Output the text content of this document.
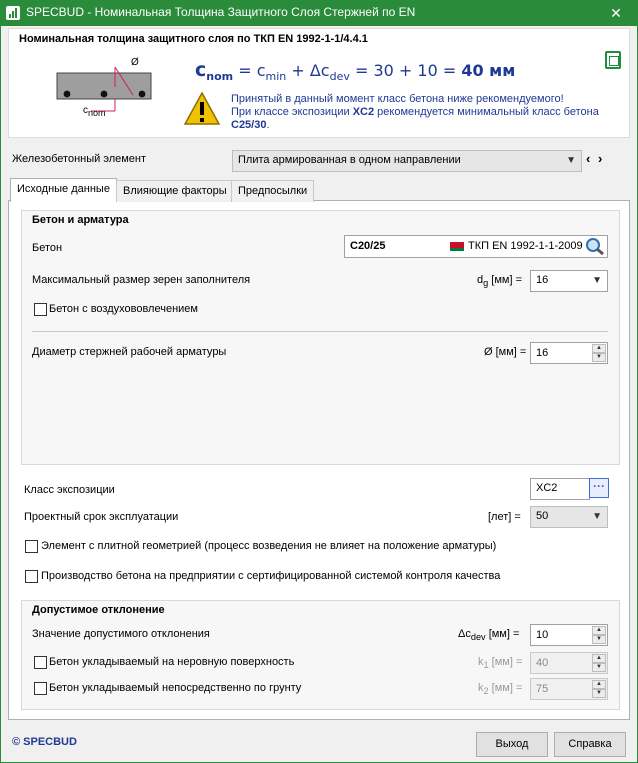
SPECBUD - Номинальная Толщина Защитного Слоя Стержней по EN	✕
Номинальная толщина защитного слоя по ТКП EN 1992-1-1/4.4.1
Ø
$c_{nom}$
$c_{nom} = c_{min} + \Delta c_{dev} = 30 + 10 = 40$ мм
Принятый в данный момент класс бетона ниже рекомендуемого!
При классе экспозиции XC2 рекомендуется минимальный класс бетона
C25/30.
Железобетонный элемент	Плита армированная в одном направлении	▼ ‹ ›
Исходные данные	Влияющие факторы	Предпосылки
Бетон и арматура
Бетон	C20/25	ТКП EN 1992-1-1-2009
Максимальный размер зерен заполнителя	$d_g$ [мм] =	16	▼
Бетон с воздухововлечением
Диаметр стержней рабочей арматуры	Ø [мм] = 16	▲
▼
Класс экспозиции	XC2	···
Проектный срок эксплуатации	[лет] =	50	▼
Элемент с плитной геометрией (процесс возведения не влияет на положение арматуры)
Производство бетона на предприятии с сертифицированной системой контроля качества
Допустимое отклонение
Значение допустимого отклонения	$\Delta c_{dev}$ [мм] =	10	▲
▼
Бетон укладываемый на неровную поверхность	$k_1$ [мм] =	40	▲
▼
Бетон укладываемый непосредственно по грунту	$k_2$ [мм] =	75	▲
▼
© SPECBUD	Выход	Справка
